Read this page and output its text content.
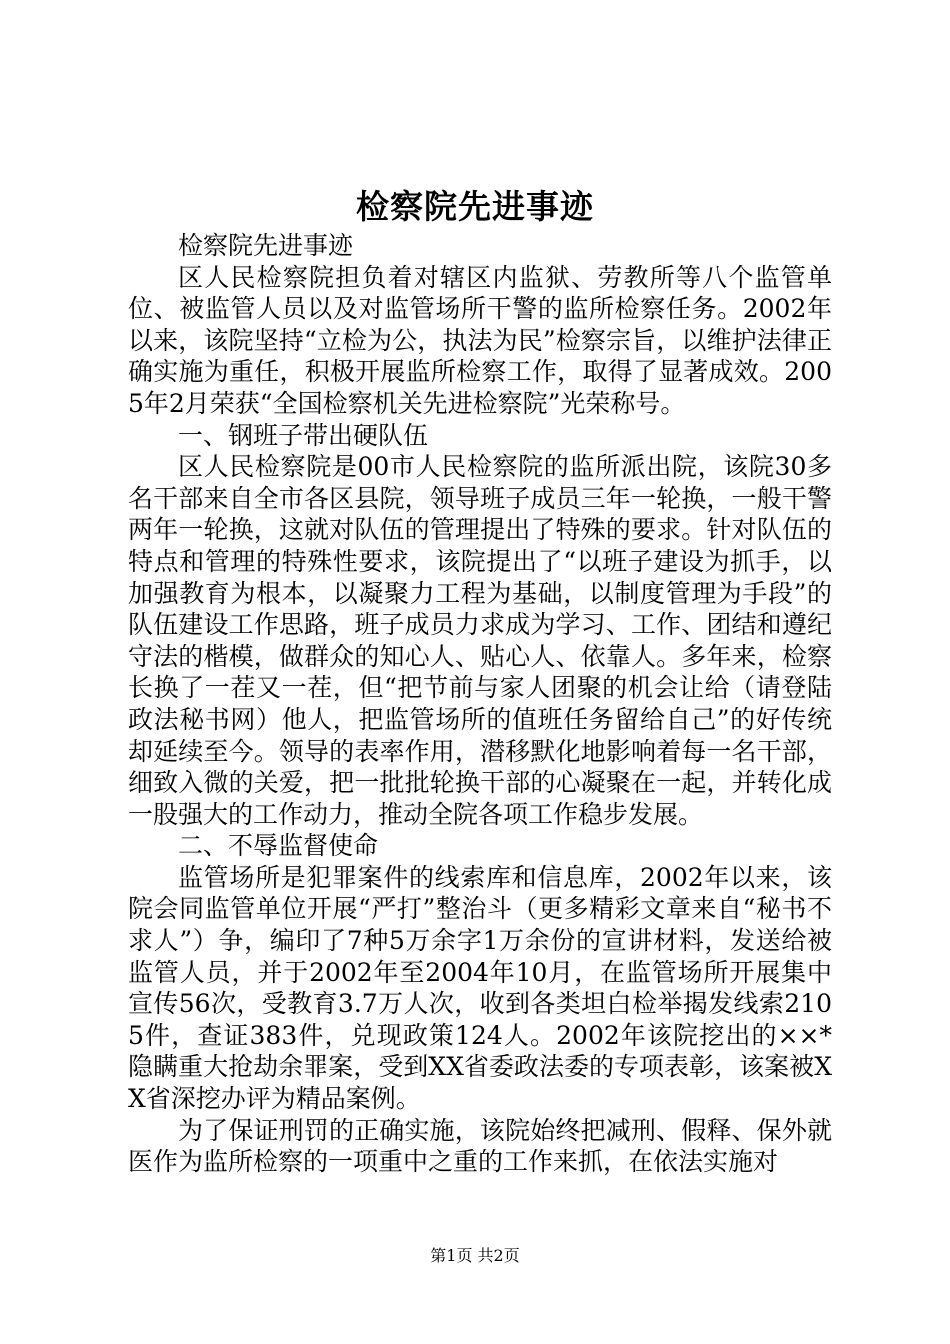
检察院先进事迹

检察院先进事迹

区人民检察院担负着对辖区内监狱、劳教所等八个监管单位、被监管人员以及对监管场所干警的监所检察任务。2002年以来，该院坚持“立检为公，执法为民”检察宗旨，以维护法律正确实施为重任，积极开展监所检察工作，取得了显著成效。2005年2月荣获“全国检察机关先进检察院”光荣称号。

一、钢班子带出硬队伍

区人民检察院是00市人民检察院的监所派出院，该院30多名干部来自全市各区县院，领导班子成员三年一轮换，一般干警两年一轮换，这就对队伍的管理提出了特殊的要求。针对队伍的特点和管理的特殊性要求，该院提出了“以班子建设为抓手，以加强教育为根本，以凝聚力工程为基础，以制度管理为手段”的队伍建设工作思路，班子成员力求成为学习、工作、团结和遵纪守法的楷模，做群众的知心人、贴心人、依靠人。多年来，检察长换了一茬又一茬，但“把节前与家人团聚的机会让给（请登陆政法秘书网）他人，把监管场所的值班任务留给自己”的好传统却延续至今。领导的表率作用，潜移默化地影响着每一名干部，细致入微的关爱，把一批批轮换干部的心凝聚在一起，并转化成一股强大的工作动力，推动全院各项工作稳步发展。

二、不辱监督使命

监管场所是犯罪案件的线索库和信息库，2002年以来，该院会同监管单位开展“严打”整治斗（更多精彩文章来自“秘书不求人”）争，编印了7种5万余字1万余份的宣讲材料，发送给被监管人员，并于2002年至2004年10月，在监管场所开展集中宣传56次，受教育3.7万人次，收到各类坦白检举揭发线索2105件，查证383件，兑现政策124人。2002年该院挖出的××*隐瞒重大抢劫余罪案，受到XX省委政法委的专项表彰，该案被XX省深挖办评为精品案例。

为了保证刑罚的正确实施，该院始终把减刑、假释、保外就医作为监所检察的一项重中之重的工作来抓，在依法实施对

第1页 共2页
